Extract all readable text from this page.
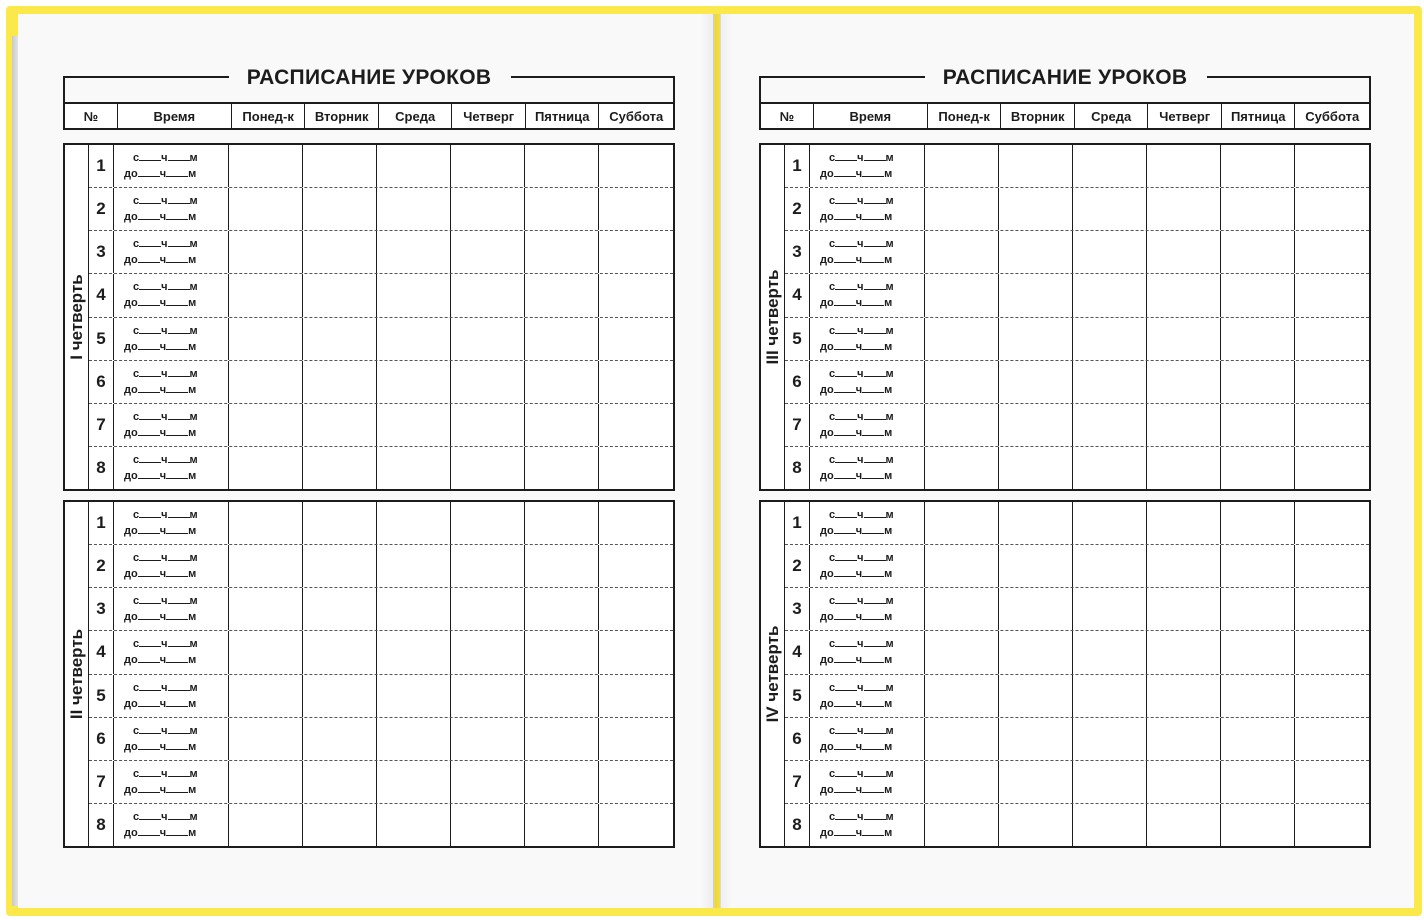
РАСПИСАНИЕ УРОКОВ
№	Время	Понед-к	Вторник	Среда	Четверг	Пятница	Суббота
I четверть
1	с ч м
до ч м
2	с ч м
до ч м
3	с ч м
до ч м
4	с ч м
до ч м
5	с ч м
до ч м
6	с ч м
до ч м
7	с ч м
до ч м
8	с ч м
до ч м
II четверть
1	с ч м
до ч м
2	с ч м
до ч м
3	с ч м
до ч м
4	с ч м
до ч м
5	с ч м
до ч м
6	с ч м
до ч м
7	с ч м
до ч м
8	с ч м
до ч м
РАСПИСАНИЕ УРОКОВ
№	Время	Понед-к	Вторник	Среда	Четверг	Пятница	Суббота
III четверть
1	с ч м
до ч м
2	с ч м
до ч м
3	с ч м
до ч м
4	с ч м
до ч м
5	с ч м
до ч м
6	с ч м
до ч м
7	с ч м
до ч м
8	с ч м
до ч м
IV четверть
1	с ч м
до ч м
2	с ч м
до ч м
3	с ч м
до ч м
4	с ч м
до ч м
5	с ч м
до ч м
6	с ч м
до ч м
7	с ч м
до ч м
8	с ч м
до ч м
